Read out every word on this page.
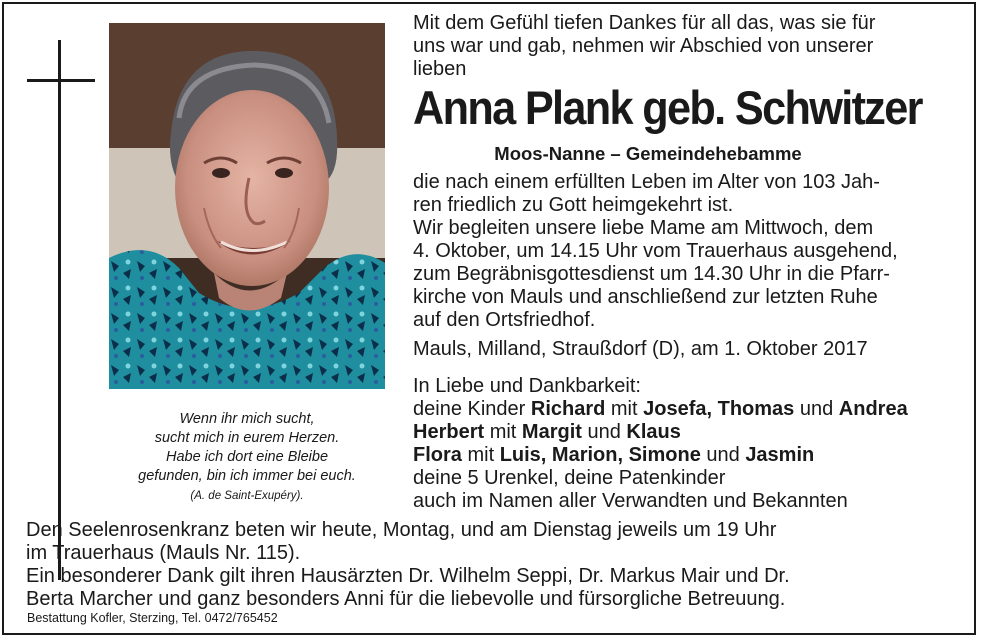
Wenn ihr mich sucht,
sucht mich in eurem Herzen.
Habe ich dort eine Bleibe
gefunden, bin ich immer bei euch.
(A. de Saint-Exupéry).
Mit dem Gefühl tiefen Dankes für all das, was sie für
uns war und gab, nehmen wir Abschied von unserer
lieben
Anna Plank geb. Schwitzer
Moos-Nanne – Gemeindehebamme
die nach einem erfüllten Leben im Alter von 103 Jah-
ren friedlich zu Gott heimgekehrt ist.
Wir begleiten unsere liebe Mame am Mittwoch, dem
4. Oktober, um 14.15 Uhr vom Trauerhaus ausgehend,
zum Begräbnisgottesdienst um 14.30 Uhr in die Pfarr-
kirche von Mauls und anschließend zur letzten Ruhe
auf den Ortsfriedhof.
Mauls, Milland, Straußdorf (D), am 1. Oktober 2017
In Liebe und Dankbarkeit:
deine Kinder Richard mit Josefa, Thomas und Andrea
Herbert mit Margit und Klaus
Flora mit Luis, Marion, Simone und Jasmin
deine 5 Urenkel, deine Patenkinder
auch im Namen aller Verwandten und Bekannten
Den Seelenrosenkranz beten wir heute, Montag, und am Dienstag jeweils um 19 Uhr
im Trauerhaus (Mauls Nr. 115).
Ein besonderer Dank gilt ihren Hausärzten Dr. Wilhelm Seppi, Dr. Markus Mair und Dr.
Berta Marcher und ganz besonders Anni für die liebevolle und fürsorgliche Betreuung.
Bestattung Kofler, Sterzing, Tel. 0472/765452
